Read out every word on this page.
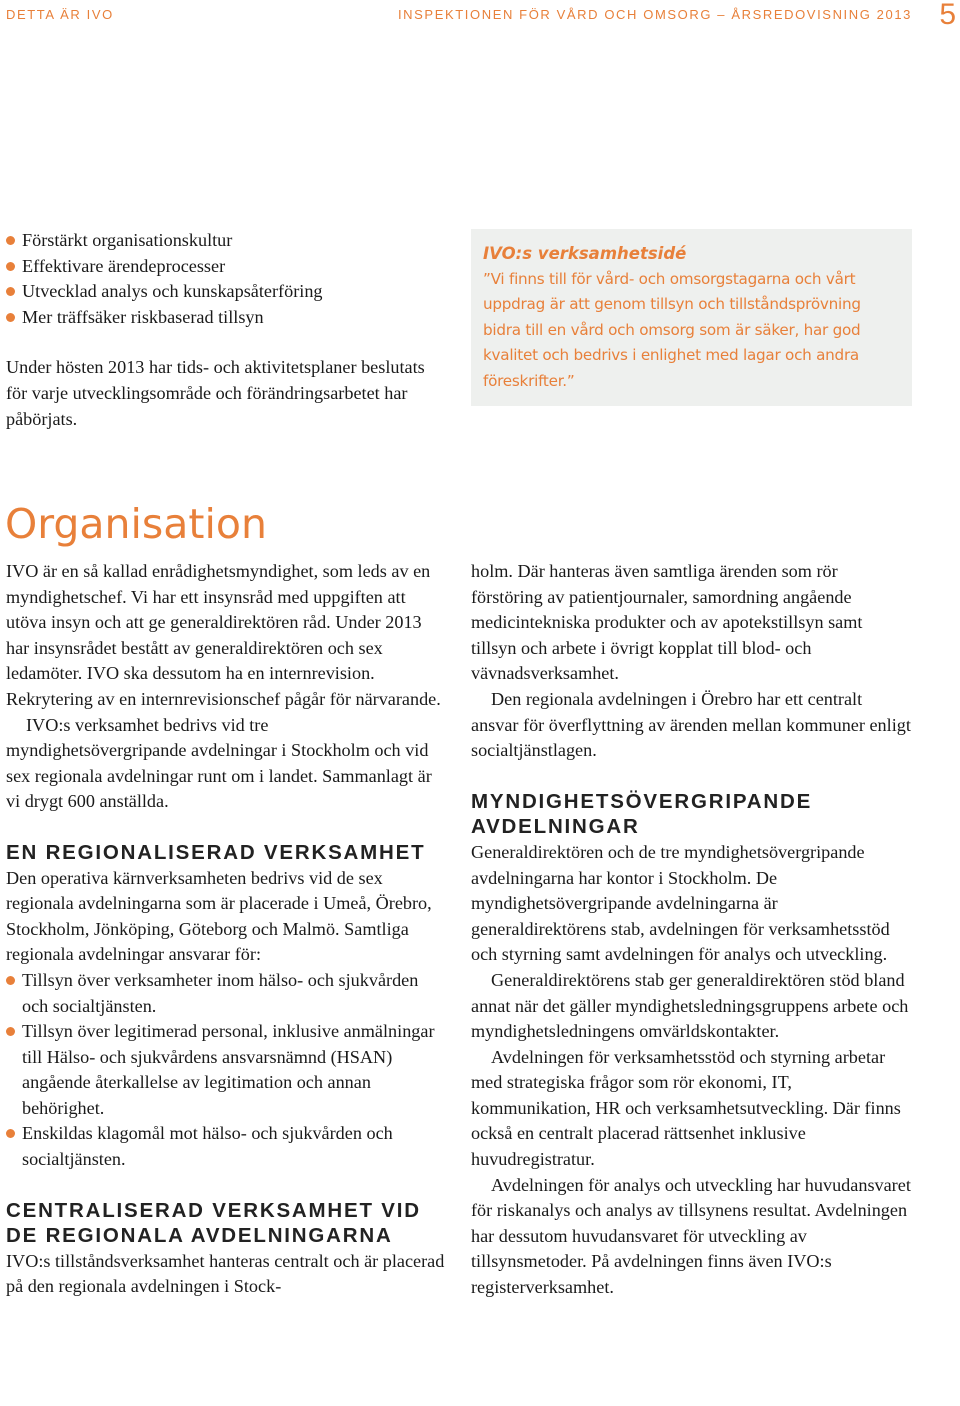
DETTA ÄR IVO	INSPEKTIONEN FÖR VÅRD OCH OMSORG – ÅRSREDOVISNING 2013 5
Förstärkt organisationskultur
Effektivare ärendeprocesser
Utvecklad analys och kunskapsåterföring
Mer träffsäker riskbaserad tillsyn

Under hösten 2013 har tids- och aktivitetsplaner beslutats för varje utvecklingsområde och förändringsarbetet har påbörjats.

IVO:s verksamhetsidé
”Vi finns till för vård- och omsorgstagarna och vårt uppdrag är att genom tillsyn och tillståndsprövning bidra till en vård och omsorg som är säker, har god kvalitet och bedrivs i enlighet med lagar och andra föreskrifter.”
Organisation

IVO är en så kallad enrådighetsmyndighet, som leds av en myndighetschef. Vi har ett insynsråd med uppgiften att utöva insyn och att ge generaldirektören råd. Under 2013 har insynsrådet bestått av generaldirektören och sex ledamöter. IVO ska dessutom ha en internrevision. Rekrytering av en internrevisionschef pågår för närvarande.

IVO:s verksamhet bedrivs vid tre myndighetsövergripande avdelningar i Stockholm och vid sex regionala avdelningar runt om i landet. Sammanlagt är vi drygt 600 anställda.

EN REGIONALISERAD VERKSAMHET

Den operativa kärnverksamheten bedrivs vid de sex regionala avdelningarna som är placerade i Umeå, Örebro, Stockholm, Jönköping, Göteborg och Malmö. Samtliga regionala avdelningar ansvarar för:

Tillsyn över verksamheter inom hälso- och sjukvården och socialtjänsten.
Tillsyn över legitimerad personal, inklusive anmälningar till Hälso- och sjukvårdens ansvarsnämnd (HSAN) angående återkallelse av legitimation och annan behörighet.
Enskildas klagomål mot hälso- och sjukvården och socialtjänsten.
CENTRALISERAD VERKSAMHET VID DE REGIONALA AVDELNINGARNA

IVO:s tillståndsverksamhet hanteras centralt och är placerad på den regionala avdelningen i Stock-

holm. Där hanteras även samtliga ärenden som rör förstöring av patientjournaler, samordning angående medicintekniska produkter och av apotekstillsyn samt tillsyn och arbete i övrigt kopplat till blod- och vävnadsverksamhet.

Den regionala avdelningen i Örebro har ett centralt ansvar för överflyttning av ärenden mellan kommuner enligt socialtjänstlagen.

MYNDIGHETSÖVERGRIPANDE AVDELNINGAR

Generaldirektören och de tre myndighetsövergripande avdelningarna har kontor i Stockholm. De myndighetsövergripande avdelningarna är generaldirektörens stab, avdelningen för verksamhetsstöd och styrning samt avdelningen för analys och utveckling.

Generaldirektörens stab ger generaldirektören stöd bland annat när det gäller myndighetsledningsgruppens arbete och myndighetsledningens omvärldskontakter.

Avdelningen för verksamhetsstöd och styrning arbetar med strategiska frågor som rör ekonomi, IT, kommunikation, HR och verksamhetsutveckling. Där finns också en centralt placerad rättsenhet inklusive huvudregistratur.

Avdelningen för analys och utveckling har huvudansvaret för riskanalys och analys av tillsynens resultat. Avdelningen har dessutom huvudansvaret för utveckling av tillsynsmetoder. På avdelningen finns även IVO:s registerverksamhet.
